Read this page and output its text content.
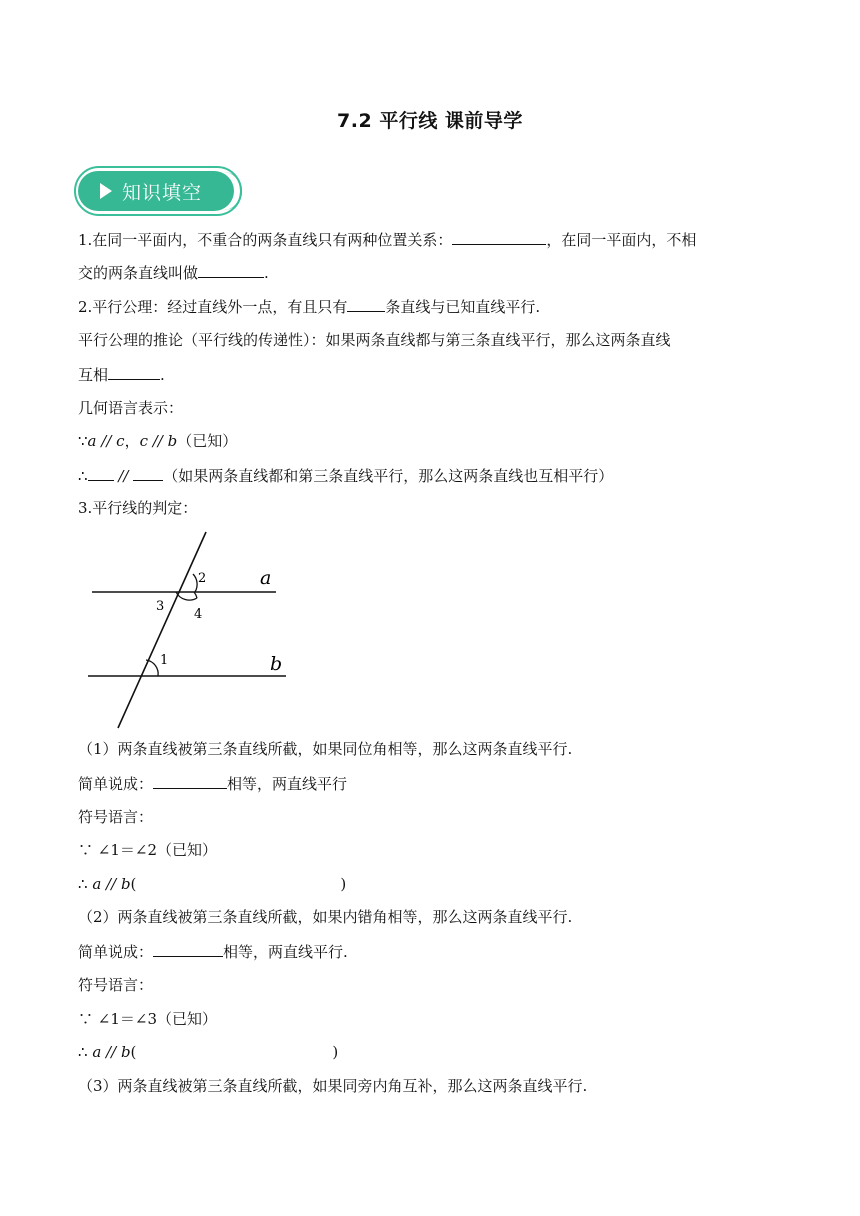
7.2 平行线 课前导学
知识填空
1.在同一平面内，不重合的两条直线只有两种位置关系：	，在同一平面内，不相
交的两条直线叫做	.
2.平行公理：经过直线外一点，有且只有	条直线与已知直线平行.
平行公理的推论（平行线的传递性）：如果两条直线都与第三条直线平行，那么这两条直线
互相	.
几何语言表示：
∵a // c，c // b（已知）
∴ // （如果两条直线都和第三条直线平行，那么这两条直线也互相平行）
3.平行线的判定：
2
3
4
1
a
b
（1）两条直线被第三条直线所截，如果同位角相等，那么这两条直线平行.
简单说成：	相等，两直线平行
符号语言：
∵ ∠1＝∠2（已知）
∴ a // b(	)
（2）两条直线被第三条直线所截，如果内错角相等，那么这两条直线平行.
简单说成：	相等，两直线平行.
符号语言：
∵ ∠1＝∠3（已知）
∴ a // b(	)
（3）两条直线被第三条直线所截，如果同旁内角互补，那么这两条直线平行.
